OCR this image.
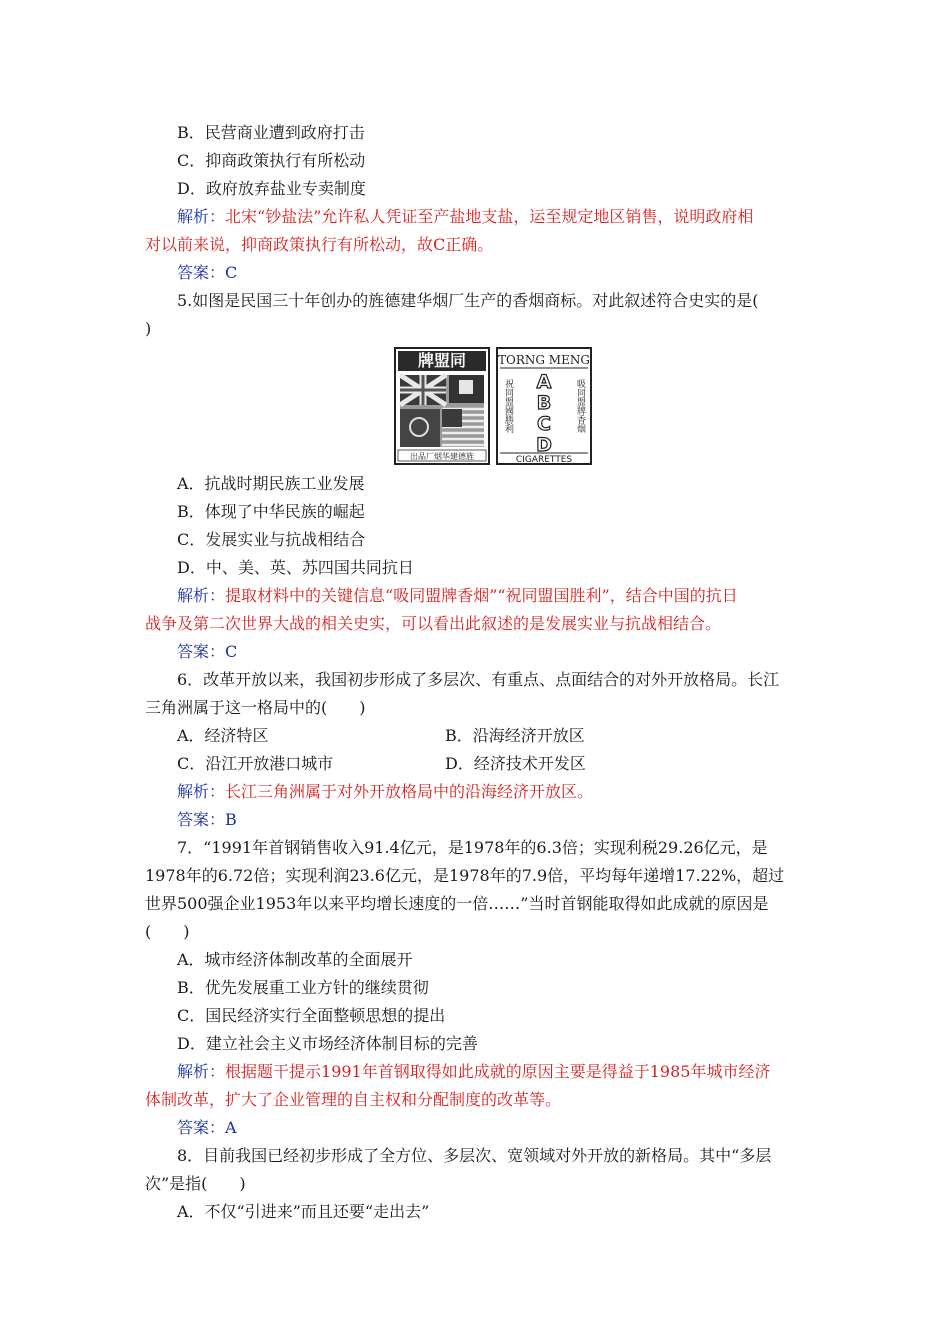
B．民营商业遭到政府打击
C．抑商政策执行有所松动
D．政府放弃盐业专卖制度
解析：北宋“钞盐法”允许私人凭证至产盐地支盐，运至规定地区销售，说明政府相
对以前来说，抑商政策执行有所松动，故C正确。
答案：C
5.如图是民国三十年创办的旌德建华烟厂生产的香烟商标。对此叙述符合史实的是(
)
牌盟同
出品厂烟华建德旌
TORNG MENG
祝同盟國勝利	吸同盟牌香烟
A
B
C
D
CIGARETTES
A．抗战时期民族工业发展
B．体现了中华民族的崛起
C．发展实业与抗战相结合
D．中、美、英、苏四国共同抗日
解析：提取材料中的关键信息“吸同盟牌香烟”“祝同盟国胜利”，结合中国的抗日
战争及第二次世界大战的相关史实，可以看出此叙述的是发展实业与抗战相结合。
答案：C
6．改革开放以来，我国初步形成了多层次、有重点、点面结合的对外开放格局。长江
三角洲属于这一格局中的(　　)
A．经济特区	B．沿海经济开放区
C．沿江开放港口城市	D．经济技术开发区
解析：长江三角洲属于对外开放格局中的沿海经济开放区。
答案：B
7．“1991年首钢销售收入91.4亿元，是1978年的6.3倍；实现利税29.26亿元，是
1978年的6.72倍；实现利润23.6亿元，是1978年的7.9倍，平均每年递增17.22%，超过
世界500强企业1953年以来平均增长速度的一倍……”当时首钢能取得如此成就的原因是
(　　)
A．城市经济体制改革的全面展开
B．优先发展重工业方针的继续贯彻
C．国民经济实行全面整顿思想的提出
D．建立社会主义市场经济体制目标的完善
解析：根据题干提示1991年首钢取得如此成就的原因主要是得益于1985年城市经济
体制改革，扩大了企业管理的自主权和分配制度的改革等。
答案：A
8．目前我国已经初步形成了全方位、多层次、宽领域对外开放的新格局。其中“多层
次”是指(　　)
A．不仅“引进来”而且还要“走出去”
